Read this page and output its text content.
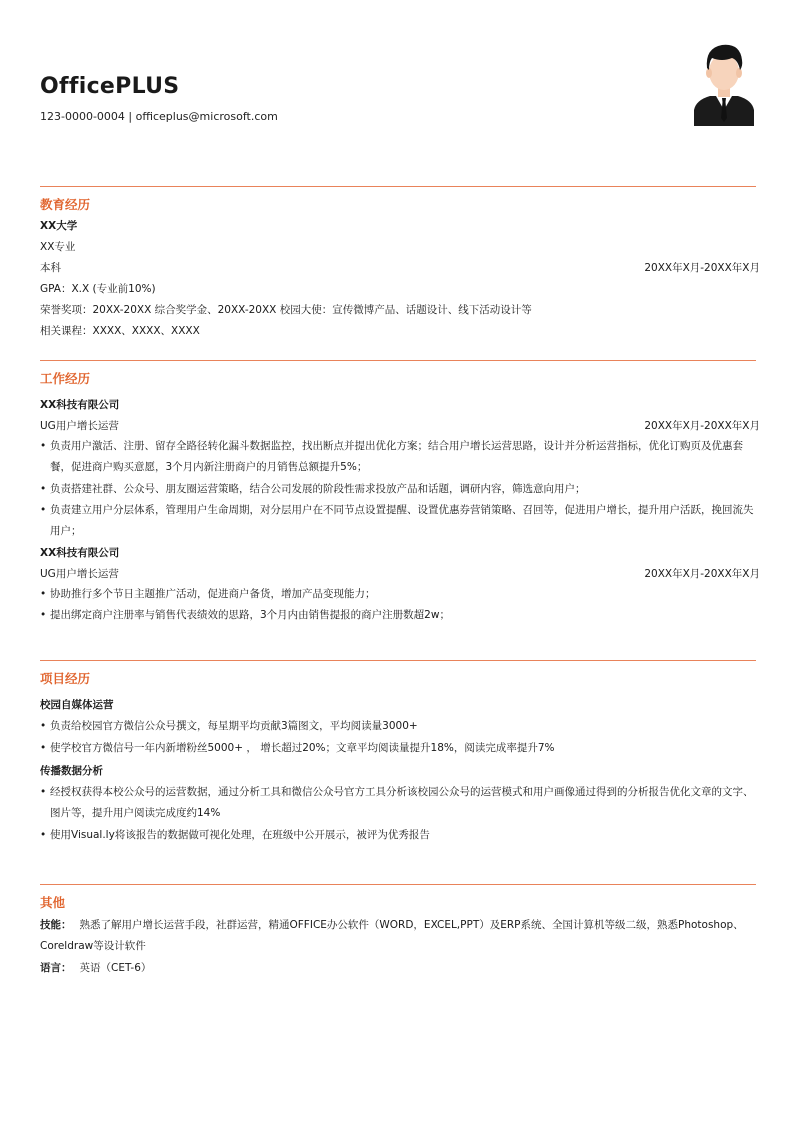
OfficePLUS
123-0000-0004 | officeplus@microsoft.com
教育经历
XX大学
XX专业
本科	20XX年X月-20XX年X月
GPA：X.X (专业前10%)
荣誉奖项：20XX-20XX 综合奖学金、20XX-20XX 校园大使：宣传微博产品、话题设计、线下活动设计等
相关课程：XXXX、XXXX、XXXX
工作经历
XX科技有限公司
UG用户增长运营	20XX年X月-20XX年X月
• 负责用户激活、注册、留存全路径转化漏斗数据监控，找出断点并提出优化方案；结合用户增长运营思路，设计并分析运营指标，优化订购页及优惠套餐，促进商户购买意愿，3个月内新注册商户的月销售总额提升5%；
• 负责搭建社群、公众号、朋友圈运营策略，结合公司发展的阶段性需求投放产品和话题，调研内容，筛选意向用户；
• 负责建立用户分层体系，管理用户生命周期，对分层用户在不同节点设置提醒、设置优惠券营销策略、召回等，促进用户增长，提升用户活跃，挽回流失用户；
XX科技有限公司
UG用户增长运营	20XX年X月-20XX年X月
• 协助推行多个节日主题推广活动，促进商户备货，增加产品变现能力；
• 提出绑定商户注册率与销售代表绩效的思路，3个月内由销售提报的商户注册数超2w；
项目经历
校园自媒体运营
• 负责给校园官方微信公众号撰文，每星期平均贡献3篇图文，平均阅读量3000+
• 使学校官方微信号一年内新增粉丝5000+ ， 增长超过20%；文章平均阅读量提升18%，阅读完成率提升7%
传播数据分析
• 经授权获得本校公众号的运营数据，通过分析工具和微信公众号官方工具分析该校园公众号的运营模式和用户画像通过得到的分析报告优化文章的文字、图片等，提升用户阅读完成度约14%
• 使用Visual.ly将该报告的数据做可视化处理，在班级中公开展示，被评为优秀报告
其他
技能： 熟悉了解用户增长运营手段，社群运营，精通OFFICE办公软件（WORD，EXCEL,PPT）及ERP系统、全国计算机等级二级，熟悉Photoshop、Coreldraw等设计软件
语言： 英语（CET-6）
